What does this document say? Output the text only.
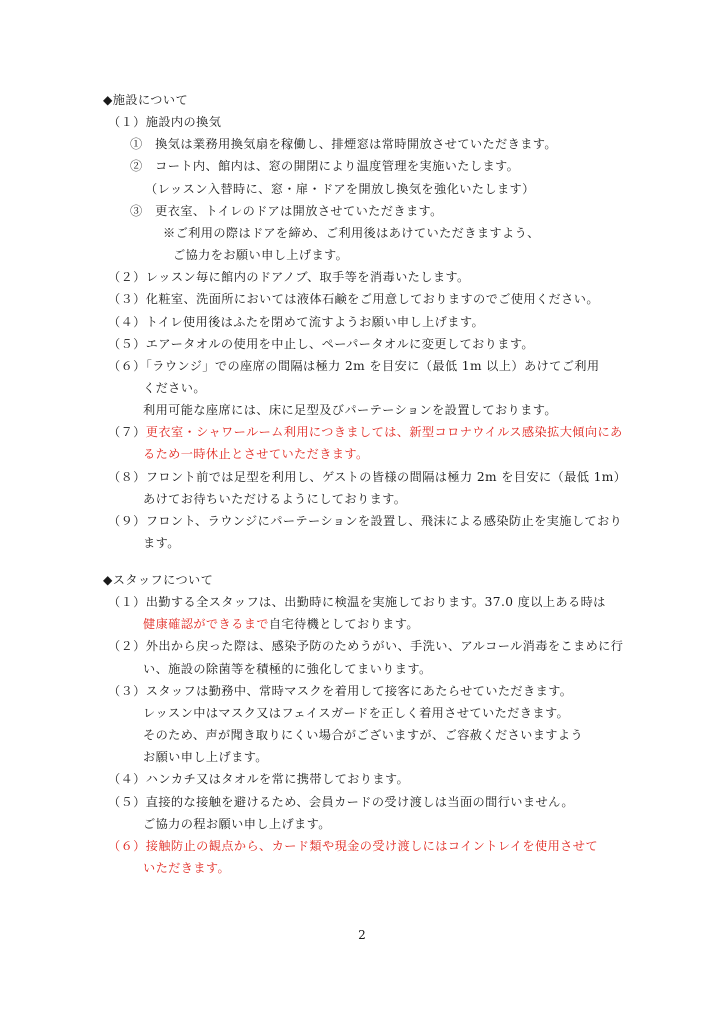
◆施設について
（１）施設内の換気
①　換気は業務用換気扇を稼働し、排煙窓は常時開放させていただきます。
②　コート内、館内は、窓の開閉により温度管理を実施いたします。
（レッスン入替時に、窓・扉・ドアを開放し換気を強化いたします）
③　更衣室、トイレのドアは開放させていただきます。
※ご利用の際はドアを締め、ご利用後はあけていただきますよう、
ご協力をお願い申し上げます。
（２）レッスン毎に館内のドアノブ、取手等を消毒いたします。
（３）化粧室、洗面所においては液体石鹸をご用意しておりますのでご使用ください。
（４）トイレ使用後はふたを閉めて流すようお願い申し上げます。
（５）エアータオルの使用を中止し、ペーパータオルに変更しております。
（６）「ラウンジ」での座席の間隔は極力 2m を目安に（最低 1m 以上）あけてご利用
ください。
利用可能な座席には、床に足型及びパーテーションを設置しております。
（７）更衣室・シャワールーム利用につきましては、新型コロナウイルス感染拡大傾向にあ
るため一時休止とさせていただきます。
（８）フロント前では足型を利用し、ゲストの皆様の間隔は極力 2m を目安に（最低 1m）
あけてお待ちいただけるようにしております。
（９）フロント、ラウンジにパーテーションを設置し、飛沫による感染防止を実施しており
ます。
◆スタッフについて
（１）出勤する全スタッフは、出勤時に検温を実施しております。37.0 度以上ある時は
健康確認ができるまで自宅待機としております。
（２）外出から戻った際は、感染予防のためうがい、手洗い、アルコール消毒をこまめに行
い、施設の除菌等を積極的に強化してまいります。
（３）スタッフは勤務中、常時マスクを着用して接客にあたらせていただきます。
レッスン中はマスク又はフェイスガードを正しく着用させていただきます。
そのため、声が聞き取りにくい場合がございますが、ご容赦くださいますよう
お願い申し上げます。
（４）ハンカチ又はタオルを常に携帯しております。
（５）直接的な接触を避けるため、会員カードの受け渡しは当面の間行いません。
ご協力の程お願い申し上げます。
（６）接触防止の観点から、カード類や現金の受け渡しにはコイントレイを使用させて
いただきます。
2
